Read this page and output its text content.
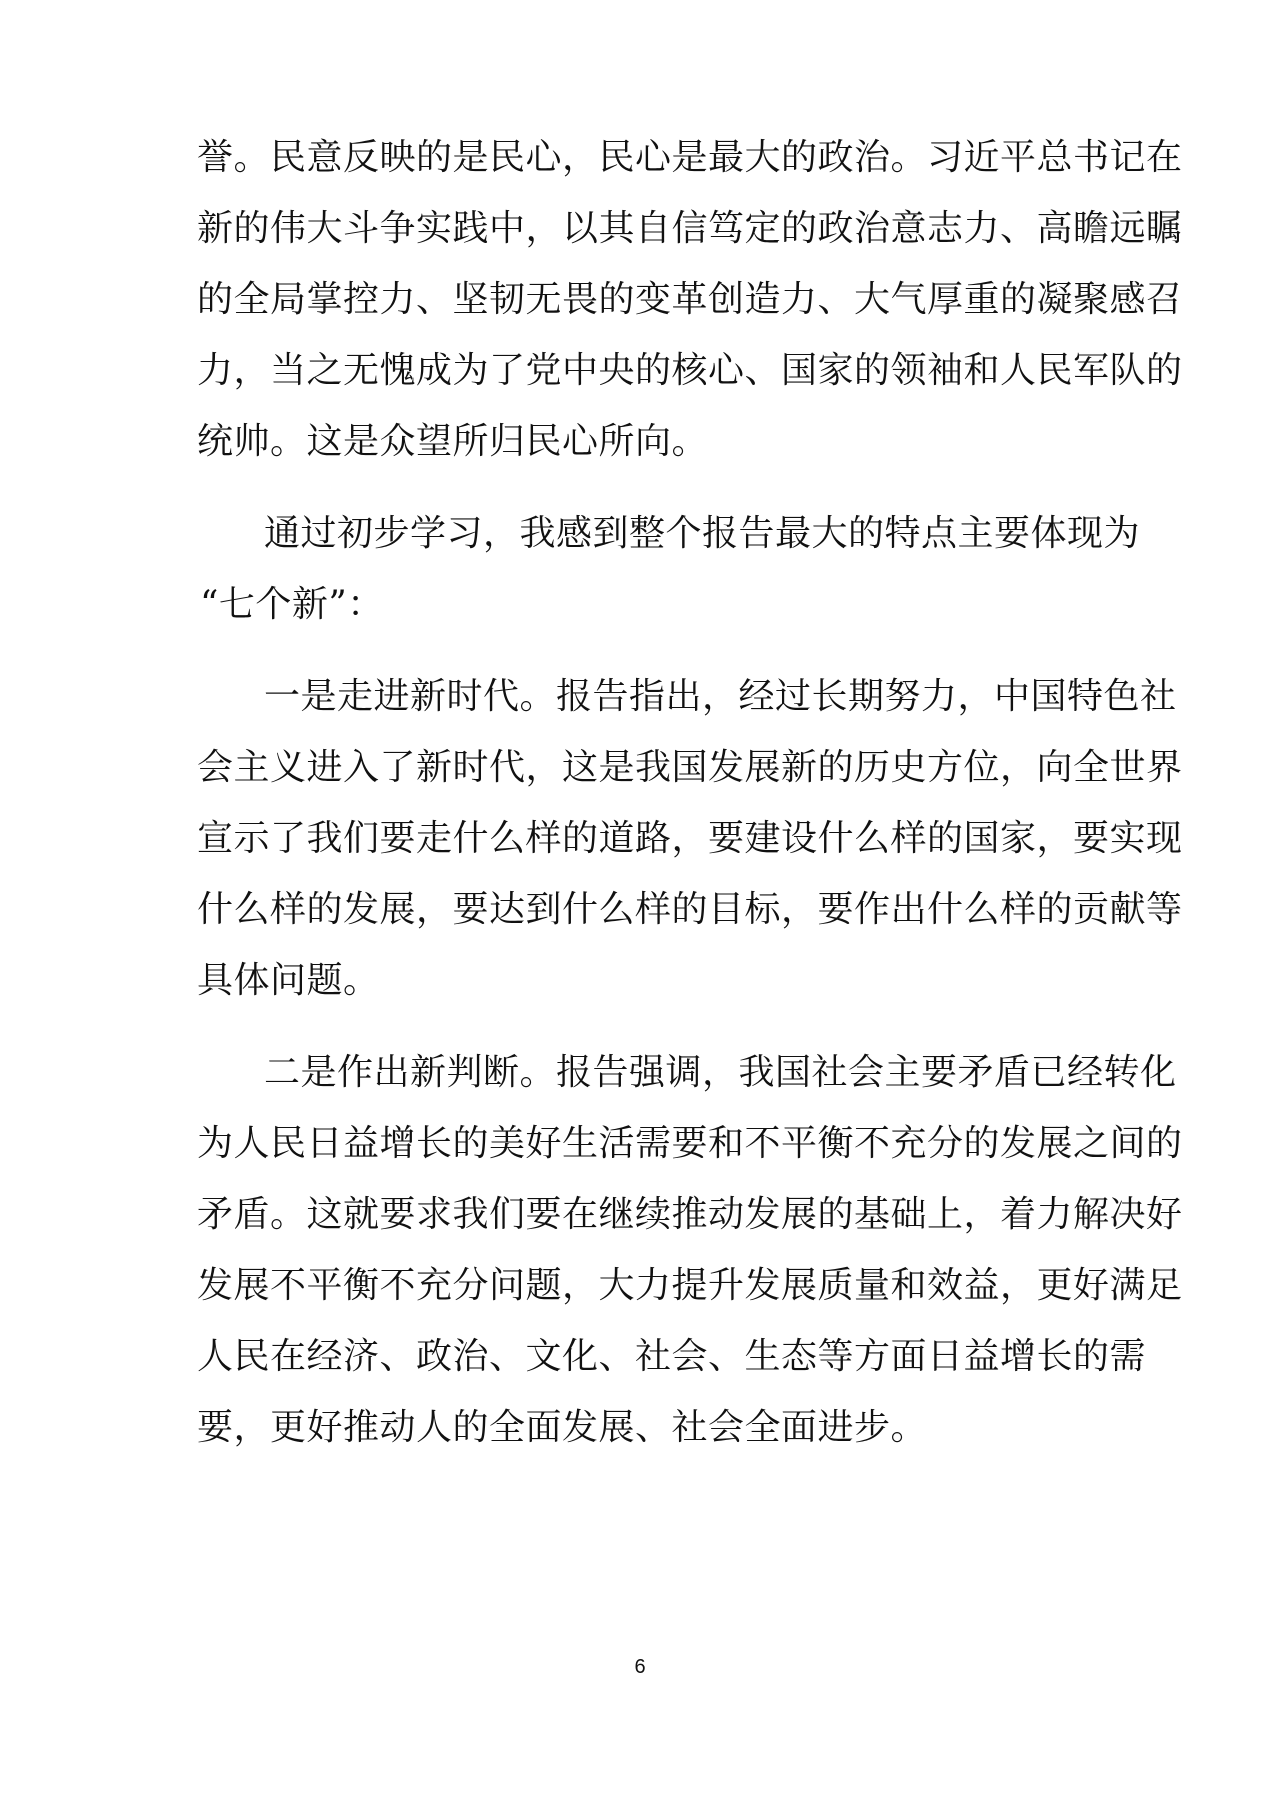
誉。民意反映的是民心，民心是最大的政治。习近平总书记在
新的伟大斗争实践中，以其自信笃定的政治意志力、高瞻远瞩
的全局掌控力、坚韧无畏的变革创造力、大气厚重的凝聚感召
力，当之无愧成为了党中央的核心、国家的领袖和人民军队的
统帅。这是众望所归民心所向。
通过初步学习，我感到整个报告最大的特点主要体现为
“七个新”：
一是走进新时代。报告指出，经过长期努力，中国特色社
会主义进入了新时代，这是我国发展新的历史方位，向全世界
宣示了我们要走什么样的道路，要建设什么样的国家，要实现
什么样的发展，要达到什么样的目标，要作出什么样的贡献等
具体问题。
二是作出新判断。报告强调，我国社会主要矛盾已经转化
为人民日益增长的美好生活需要和不平衡不充分的发展之间的
矛盾。这就要求我们要在继续推动发展的基础上，着力解决好
发展不平衡不充分问题，大力提升发展质量和效益，更好满足
人民在经济、政治、文化、社会、生态等方面日益增长的需
要，更好推动人的全面发展、社会全面进步。
6
